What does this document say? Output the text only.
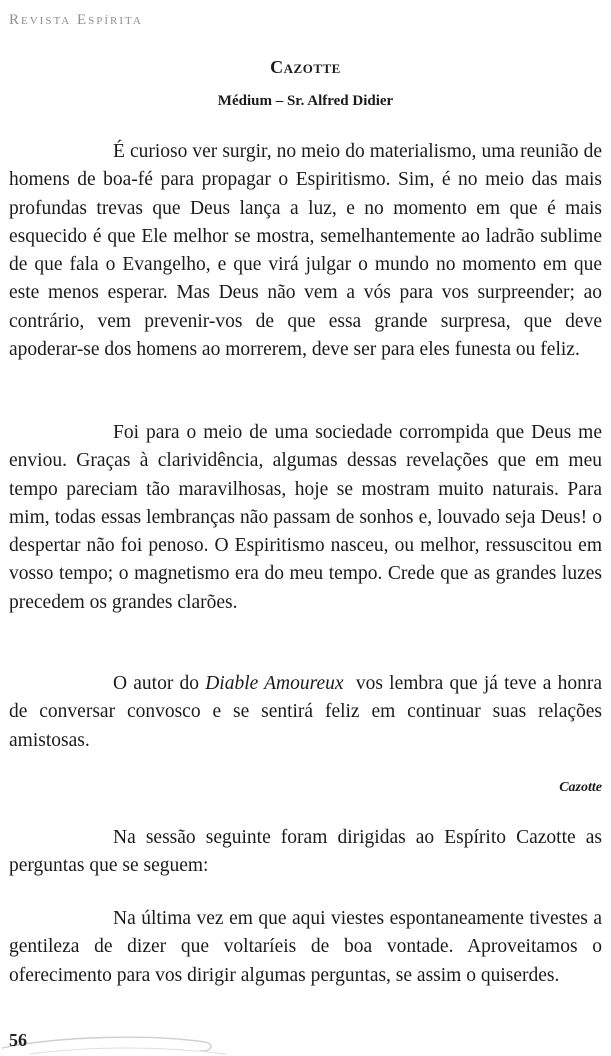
Revista Espírita
Cazotte
Médium – Sr. Alfred Didier

É curioso ver surgir, no meio do materialismo, uma reunião de homens de boa-fé para propagar o Espiritismo. Sim, é no meio das mais profundas trevas que Deus lança a luz, e no momento em que é mais esquecido é que Ele melhor se mostra, semelhantemente ao ladrão sublime de que fala o Evangelho, e que virá julgar o mundo no momento em que este menos esperar. Mas Deus não vem a vós para vos surpreender; ao contrário, vem prevenir-vos de que essa grande surpresa, que deve apoderar-se dos homens ao morrerem, deve ser para eles funesta ou feliz.

Foi para o meio de uma sociedade corrompida que Deus me enviou. Graças à clarividência, algumas dessas revelações que em meu tempo pareciam tão maravilhosas, hoje se mostram muito naturais. Para mim, todas essas lembranças não passam de sonhos e, louvado seja Deus! o despertar não foi penoso. O Espiritismo nasceu, ou melhor, ressuscitou em vosso tempo; o magnetismo era do meu tempo. Crede que as grandes luzes precedem os grandes clarões.

O autor do Diable Amoureux  vos lembra que já teve a honra de conversar convosco e se sentirá feliz em continuar suas relações amistosas.

Cazotte

Na sessão seguinte foram dirigidas ao Espírito Cazotte as perguntas que se seguem:

Na última vez em que aqui viestes espontaneamente tivestes a gentileza de dizer que voltaríeis de boa vontade. Aproveitamos o oferecimento para vos dirigir algumas perguntas, se assim o quiserdes.

56
